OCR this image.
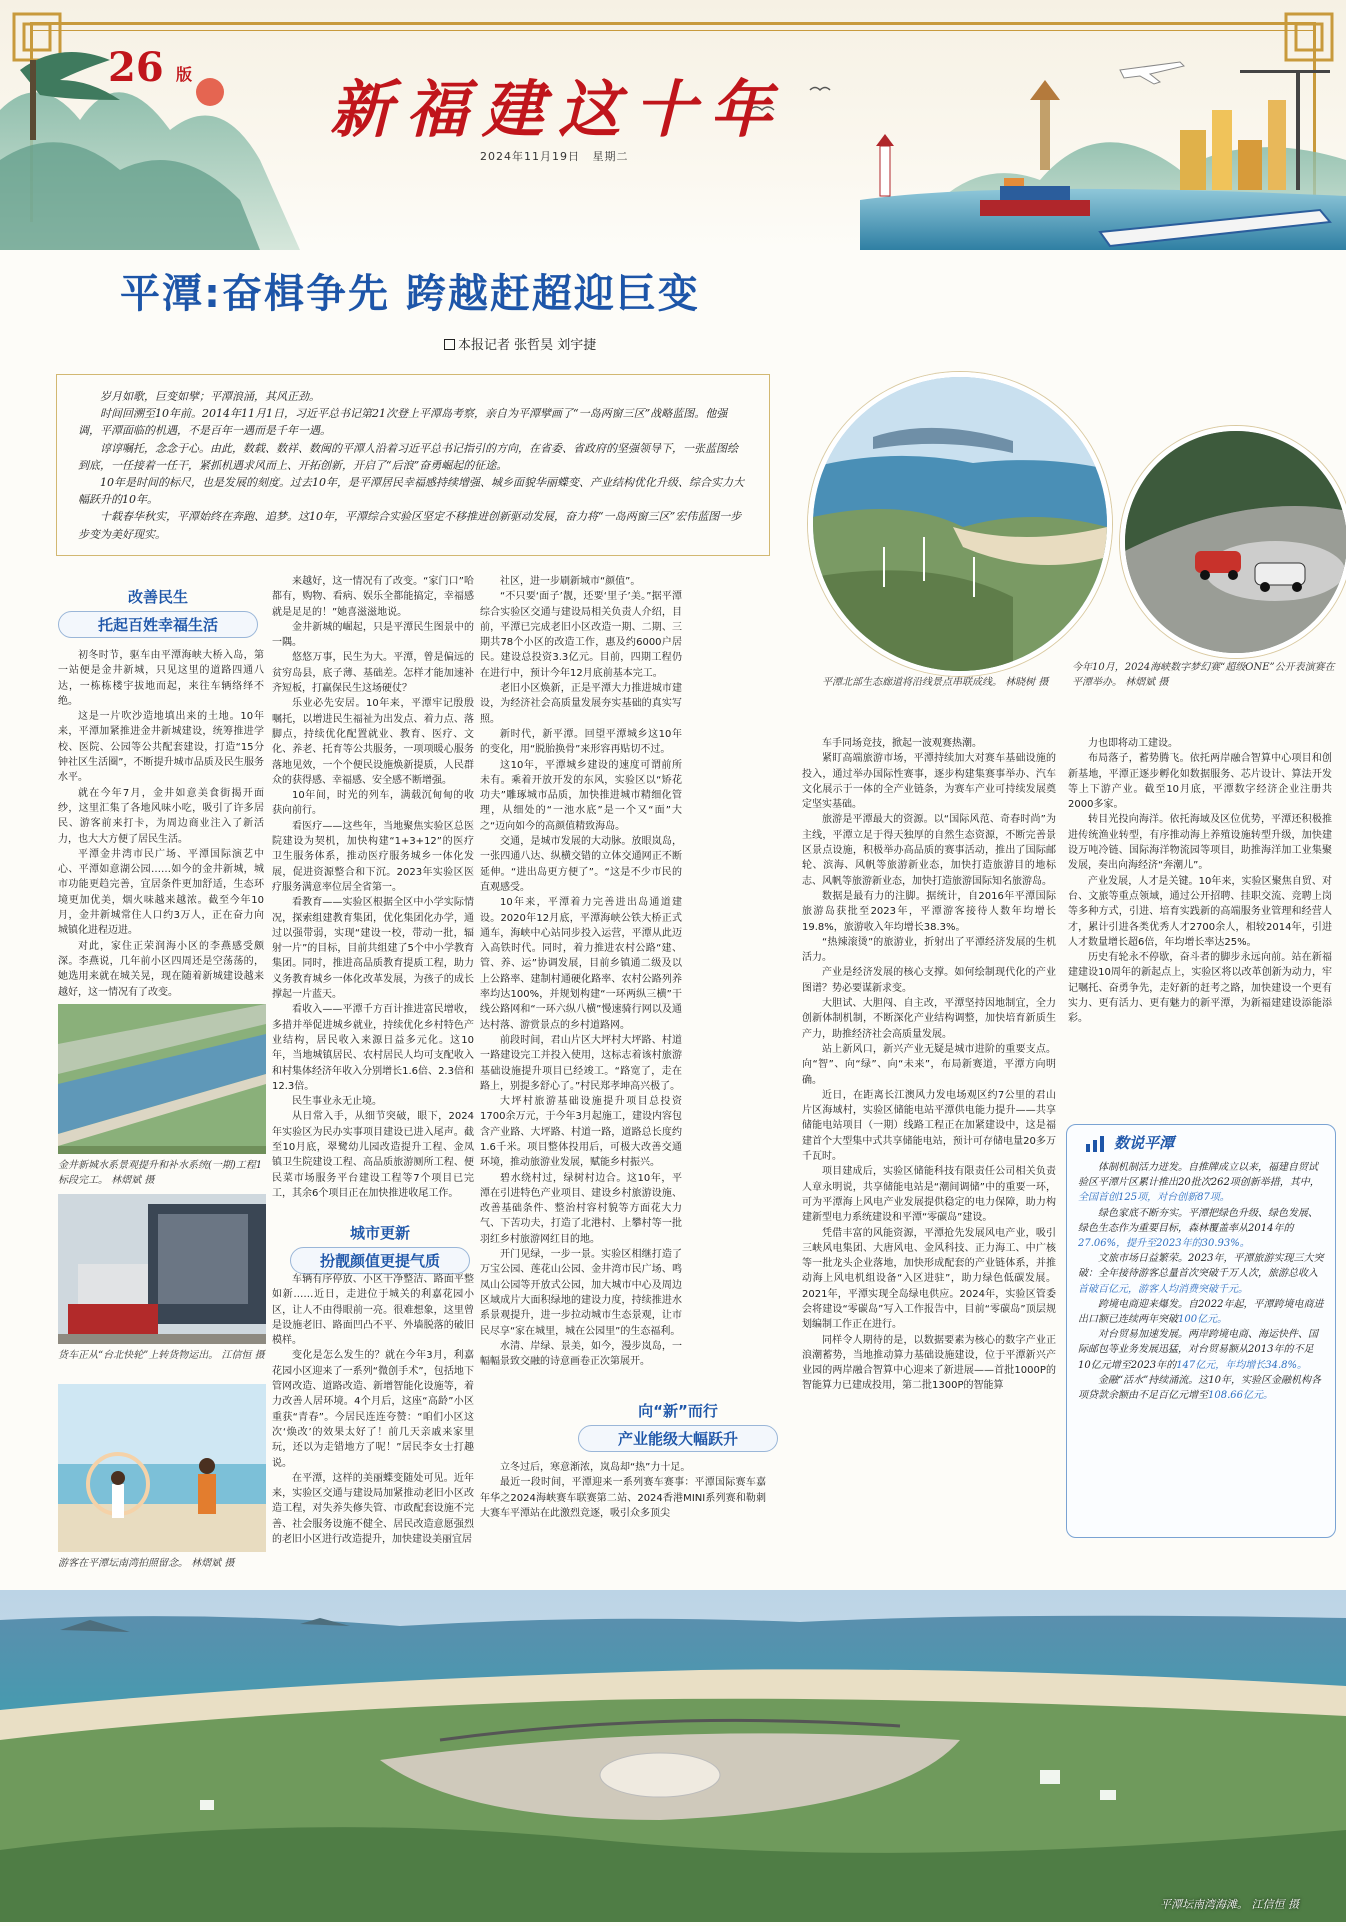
26 版 新福建这十年
2024年11月19日 星期二
平潭:奋楫争先 跨越赶超迎巨变
本报记者 张哲昊 刘宇捷

岁月如歌，巨变如擘；平潭浪涌，其风正劲。

时间回溯至10年前。2014年11月1日，习近平总书记第21次登上平潭岛考察，亲自为平潭擘画了“一岛两窗三区”战略蓝图。他强调，平潭面临的机遇，不是百年一遇而是千年一遇。

谆谆嘱托，念念于心。由此，数载、数祥、数闽的平潭人沿着习近平总书记指引的方向，在省委、省政府的坚强领导下，一张蓝图绘到底，一任接着一任干，紧抓机遇求风而上、开拓创新，开启了“后浪”奋勇崛起的征途。

10年是时间的标尺，也是发展的刻度。过去10年，是平潭居民幸福感持续增强、城乡面貌华丽蝶变、产业结构优化升级、综合实力大幅跃升的10年。

十载春华秋实，平潭始终在奔跑、追梦。这10年，平潭综合实验区坚定不移推进创新驱动发展，奋力将“一岛两窗三区”宏伟蓝图一步步变为美好现实。

平潭北部生态廊道将沿线景点串联成线。 林晓树 摄
今年10月，2024海峡数字梦幻赛“超级ONE”公开表演赛在平潭举办。 林熠斌 摄
改善民生
托起百姓幸福生活

初冬时节，驱车由平潭海峡大桥入岛，第一站便是金井新城，只见这里的道路四通八达，一栋栋楼宇拔地而起，来往车辆络绎不绝。

这是一片吹沙造地填出来的土地。10年来，平潭加紧推进金井新城建设，统筹推进学校、医院、公园等公共配套建设，打造“15分钟社区生活圈”，不断提升城市品质及民生服务水平。

就在今年7月，金井如意美食街揭开面纱，这里汇集了各地风味小吃，吸引了许多居民、游客前来打卡，为周边商业注入了新活力，也大大方便了居民生活。

平潭金井湾市民广场、平潭国际演艺中心、平潭如意湖公园……如今的金井新城，城市功能更趋完善，宜居条件更加舒适，生态环境更加优美，烟火味越来越浓。截至今年10月，金井新城常住人口约3万人，正在奋力向城镇化进程迈进。

对此，家住正荣润海小区的李燕感受颇深。李燕说，几年前小区四周还是空荡荡的，她选用来就在城关晃，现在随着新城建设越来越好，这一情况有了改变。

金井新城水系景观提升和补水系统(一期)工程1标段完工。 林熠斌 摄
货车正从“台北快轮”上转货物运出。 江信恒 摄
游客在平潭坛南湾拍照留念。 林熠斌 摄

来越好，这一情况有了改变。“家门口”哈都有，购物、看病、娱乐全都能搞定，幸福感就是足足的！”她喜滋滋地说。

金井新城的崛起，只是平潭民生图景中的一隅。

悠悠万事，民生为大。平潭，曾是偏远的贫穷岛县，底子薄、基础差。怎样才能加速补齐短板，打赢保民生这场硬仗？

乐业必先安居。10年来，平潭牢记殷殷嘱托，以增进民生福祉为出发点、着力点、落脚点，持续优化配置就业、教育、医疗、文化、养老、托育等公共服务，一项项暖心服务落地见效，一个个便民设施焕新提质，人民群众的获得感、幸福感、安全感不断增强。

10年间，时光的列车，满载沉甸甸的收获向前行。

看医疗——这些年，当地聚焦实验区总医院建设为契机，加快构建“1+3+12”的医疗卫生服务体系，推动医疗服务城乡一体化发展，促进资源整合和下沉。2023年实验区医疗服务满意率位居全省第一。

看教育——实验区根据全区中小学实际情况，探索组建教育集团，优化集团化办学，通过以强带弱，实现“建设一校，带动一批，辐射一片”的目标，目前共组建了5个中小学教育集团。同时，推进高品质教育提质工程，助力义务教育城乡一体化改革发展，为孩子的成长撑起一片蓝天。

看收入——平潭千方百计推进富民增收，多措并举促进城乡就业，持续优化乡村特色产业结构，居民收入来源日益多元化。这10年，当地城镇居民、农村居民人均可支配收入和村集体经济年收入分别增长1.6倍、2.3倍和12.3倍。

民生事业永无止境。

从日常入手，从细节突破，眼下，2024年实验区为民办实事项目建设已进入尾声。截至10月底，翠鹭幼儿园改造提升工程、金凤镇卫生院建设工程、高品质旅游厕所工程、便民菜市场服务平台建设工程等7个项目已完工，其余6个项目正在加快推进收尾工作。

城市更新
扮靓颜值更提气质

车辆有序停放、小区干净整洁、路面平整如新……近日，走进位于城关的利嘉花园小区，让人不由得眼前一亮。很难想象，这里曾是设施老旧、路面凹凸不平、外墙脱落的破旧模样。

变化是怎么发生的？就在今年3月，利嘉花园小区迎来了一系列“微创手术”，包括地下管网改造、道路改造、新增智能化设施等，着力改善人居环境。4个月后，这座“高龄”小区重获“青春”。今居民连连夸赞：“咱们小区这次‘焕改’的效果太好了！前几天亲戚来家里玩，还以为走错地方了呢！”居民李女士打趣说。

在平潭，这样的美丽蝶变随处可见。近年来，实验区交通与建设局加紧推动老旧小区改造工程，对失养失修失管、市政配套设施不完善、社会服务设施不健全、居民改造意愿强烈的老旧小区进行改造提升，加快建设美丽宜居

社区，进一步刷新城市“颜值”。

“不只要‘面子’靓，还要‘里子’美。”据平潭综合实验区交通与建设局相关负责人介绍，目前，平潭已完成老旧小区改造一期、二期、三期共78个小区的改造工作，惠及约6000户居民。建设总投资3.3亿元。目前，四期工程仍在进行中，预计今年12月底前基本完工。

老旧小区焕新，正是平潭大力推进城市建设，为经济社会高质量发展夯实基础的真实写照。

新时代，新平潭。回望平潭城乡这10年的变化，用“脱胎换骨”来形容再贴切不过。

这10年，平潭城乡建设的速度可谓前所未有。乘着开放开发的东风，实验区以“矫花功夫”雕琢城市品质，加快推进城市精细化管理，从细处的“一池水底”是一个又“面”大之“迈向如今的高颜值精致海岛。

交通，是城市发展的大动脉。放眼岚岛，一张四通八达、纵横交错的立体交通网正不断延伸。“进出岛更方便了”。“这是不少市民的直观感受。

10年来，平潭着力完善进出岛通道建设。2020年12月底，平潭海峡公铁大桥正式通车，海峡中心站同步投入运营，平潭从此迈入高铁时代。同时，着力推进农村公路“建、管、养、运”协调发展，目前乡镇通二级及以上公路率、建制村通硬化路率、农村公路列养率均达100%，并规划构建“一环两纵三横”干线公路网和“一环六纵八横”慢速骑行网以及通达村落、游赏景点的乡村道路网。

前段时间，君山片区大坪村大坪路、村道一路建设完工并投入使用，这标志着该村旅游基础设施提升项目已经竣工。“路宽了，走在路上，别提多舒心了。”村民郑孝坤高兴极了。

大坪村旅游基础设施提升项目总投资1700余万元，于今年3月起施工，建设内容包含产业路、大坪路、村道一路，道路总长度约1.6千米。项目整体投用后，可极大改善交通环境，推动旅游业发展，赋能乡村振兴。

碧水绕村过，绿树村边合。这10年，平潭在引进特色产业项目、建设乡村旅游设施、改善基础条件、整治村容村貌等方面花大力气、下苦功夫，打造了北港村、上攀村等一批羽红乡村旅游网红目的地。

开门见绿，一步一景。实验区相继打造了万宝公园、莲花山公园、金井湾市民广场、鸣凤山公园等开放式公园，加大城市中心及周边区域成片大面积绿地的建设力度，持续推进水系景观提升，进一步拉动城市生态景观，让市民尽享“家在城里，城在公园里”的生态福利。

水清、岸绿、景美，如今，漫步岚岛，一幅幅景致交融的诗意画卷正次第展开。

向“新”而行
产业能级大幅跃升

立冬过后，寒意渐浓，岚岛却“热”力十足。

最近一段时间，平潭迎来一系列赛车赛事：平潭国际赛车嘉年华之2024海峡赛车联赛第二站、2024香港MINI系列赛和勒刺大赛车平潭站在此激烈竞逐，吸引众多顶尖

车手同场竞技，掀起一波观赛热潮。

紧盯高端旅游市场，平潭持续加大对赛车基础设施的投入，通过举办国际性赛事，逐步构建集赛事举办、汽车文化展示于一体的全产业链条，为赛车产业可持续发展奠定坚实基础。

旅游是平潭最大的资源。以“国际风范、奇春时尚”为主线，平潭立足于得天独厚的自然生态资源，不断完善景区景点设施，积极举办高品质的赛事活动，推出了国际邮轮、滨海、风帆等旅游新业态，加快打造旅游目的地标志、风帆等旅游新业态，加快打造旅游国际知名旅游岛。

数据是最有力的注脚。据统计，自2016年平潭国际旅游岛获批至2023年，平潭游客接待人数年均增长19.8%，旅游收入年均增长38.3%。

“热辣滚烫”的旅游业，折射出了平潭经济发展的生机活力。

产业是经济发展的核心支撑。如何绘制现代化的产业图谱？势必要谋新求变。

大胆试、大胆闯、自主改，平潭坚持因地制宜，全力创新体制机制，不断深化产业结构调整，加快培育新质生产力，助推经济社会高质量发展。

站上新风口，新兴产业无疑是城市进阶的重要支点。向“智”、向“绿”、向“未来”，布局新赛道，平潭方向明确。

近日，在距离长江澳风力发电场观区约7公里的君山片区海域村，实验区储能电站平潭供电能力提升——共享储能电站项目（一期）线路工程正在加紧建设中，这是福建首个大型集中式共享储能电站，预计可存储电量20多万千瓦时。

项目建成后，实验区储能科技有限责任公司相关负责人章永明说，共享储能电站是“潮间调储”中的重要一环，可为平潭海上风电产业发展提供稳定的电力保障，助力构建新型电力系统建设和平潭“零碳岛”建设。

凭借丰富的风能资源，平潭抢先发展风电产业，吸引三峡风电集团、大唐风电、金风科技、正力海工、中广核等一批龙头企业落地，加快形成配套的产业链体系，并推动海上风电机组设备“入区进驻”，助力绿色低碳发展。2021年，平潭实现全岛绿电供应。2024年，实验区管委会将建设“零碳岛”写入工作报告中，目前“零碳岛”顶层规划编制工作正在进行。

同样令人期待的是，以数据要素为核心的数字产业正浪潮蓄势，当地推动算力基础设施建设，位于平潭新兴产业园的两岸融合智算中心迎来了新进展——首批1000P的智能算力已建成投用，第二批1300P的智能算

力也即将动工建设。

布局落子，蓄势腾飞。依托两岸融合智算中心项目和创新基地，平潭正逐步孵化如数据服务、芯片设计、算法开发等上下游产业。截至10月底，平潭数字经济企业注册共2000多家。

转目光投向海洋。依托海域及区位优势，平潭还积极推进传统渔业转型，有序推动海上养殖设施转型升级，加快建设万吨冷链、国际海洋物流园等项目，助推海洋加工业集聚发展，奏出向海经济“奔潮儿”。

产业发展，人才是关键。10年来，实验区聚焦自贸、对台、文旅等重点领域，通过公开招聘、挂职交流、竞聘上岗等多种方式，引进、培育实践新的高端服务业管理和经营人才，累计引进各类优秀人才2700余人，相较2014年，引进人才数量增长超6倍，年均增长率达25%。

历史有轮永不停歇，奋斗者的脚步永远向前。站在新福建建设10周年的新起点上，实验区将以改革创新为动力，牢记嘱托、奋勇争先，走好新的赶考之路，加快建设一个更有实力、更有活力、更有魅力的新平潭，为新福建建设添能添彩。

数说平潭

体制机制活力迸发。自推牌成立以来，福建自贸试验区平潭片区累计推出20批次262项创新举措，其中，全国首创125项，对台创新87项。

绿色家底不断夯实。平潭把绿色升级、绿色发展、绿色生态作为重要目标，森林覆盖率从2014年的27.06%，提升至2023年的30.93%。

文旅市场日益繁荣。2023年，平潭旅游实现三大突破：全年接待游客总量首次突破千万人次，旅游总收入首破百亿元，游客人均消费突破千元。

跨境电商迎来爆发。自2022年起，平潭跨境电商进出口额已连续两年突破100亿元。

对台贸易加速发展。两岸跨境电商、海运快件、国际邮包等业务发展迅猛，对台贸易额从2013年的不足10亿元增至2023年的147亿元，年均增长34.8%。

金融“活水”持续涌流。这10年，实验区金融机构各项贷款余额由不足百亿元增至108.66亿元。

平潭坛南湾海滩。 江信恒 摄
